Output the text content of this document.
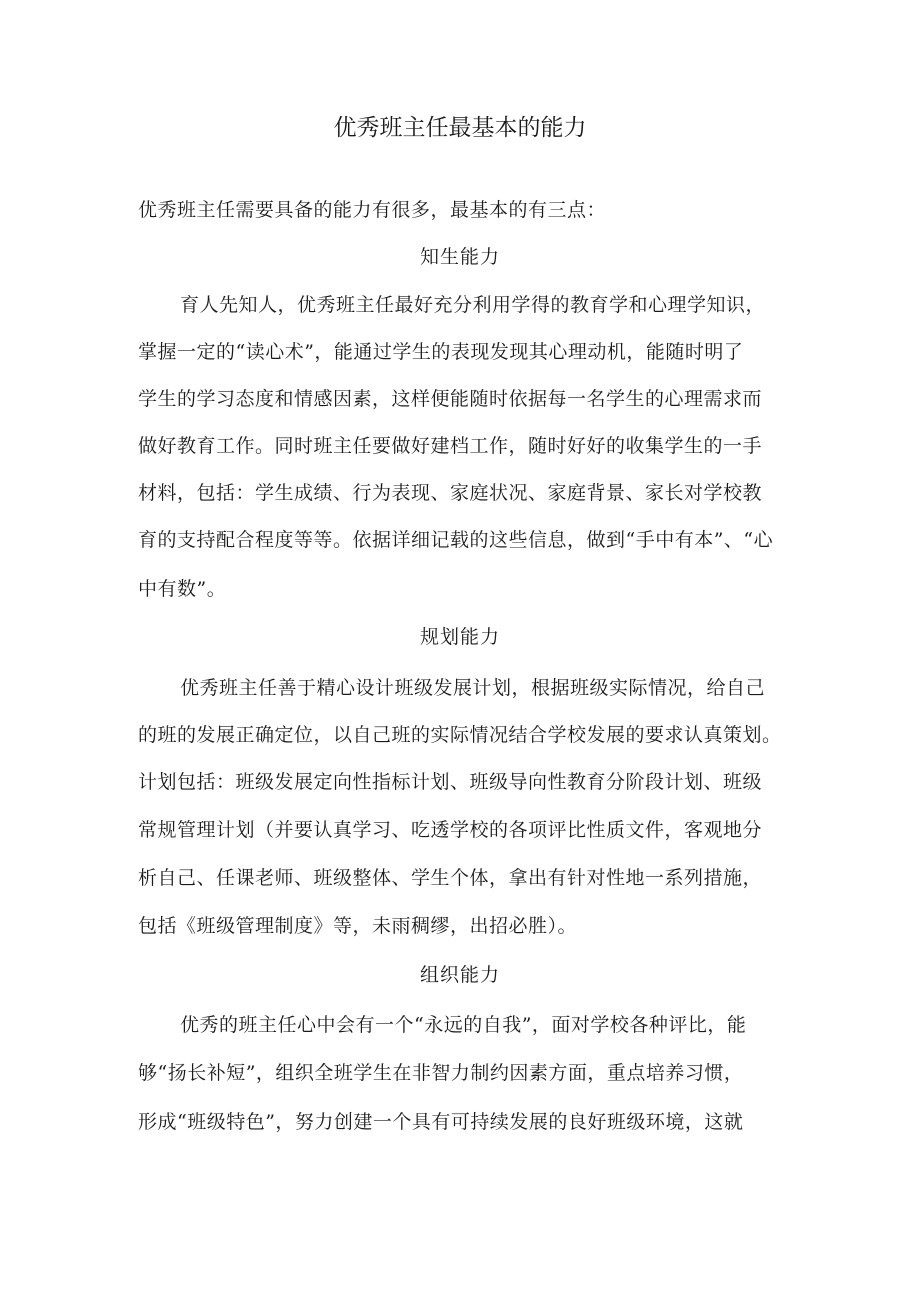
优秀班主任最基本的能力
优秀班主任需要具备的能力有很多，最基本的有三点：
知生能力
育人先知人，优秀班主任最好充分利用学得的教育学和心理学知识，
掌握一定的“读心术”，能通过学生的表现发现其心理动机，能随时明了
学生的学习态度和情感因素，这样便能随时依据每一名学生的心理需求而
做好教育工作。同时班主任要做好建档工作，随时好好的收集学生的一手
材料，包括：学生成绩、行为表现、家庭状况、家庭背景、家长对学校教
育的支持配合程度等等。依据详细记载的这些信息，做到“手中有本”、“心
中有数”。
规划能力
优秀班主任善于精心设计班级发展计划，根据班级实际情况，给自己
的班的发展正确定位，以自己班的实际情况结合学校发展的要求认真策划。
计划包括：班级发展定向性指标计划、班级导向性教育分阶段计划、班级
常规管理计划（并要认真学习、吃透学校的各项评比性质文件，客观地分
析自己、任课老师、班级整体、学生个体，拿出有针对性地一系列措施，
包括《班级管理制度》等，未雨稠缪，出招必胜）。
组织能力
优秀的班主任心中会有一个“永远的自我”，面对学校各种评比，能
够“扬长补短”，组织全班学生在非智力制约因素方面，重点培养习惯，
形成“班级特色”，努力创建一个具有可持续发展的良好班级环境，这就
